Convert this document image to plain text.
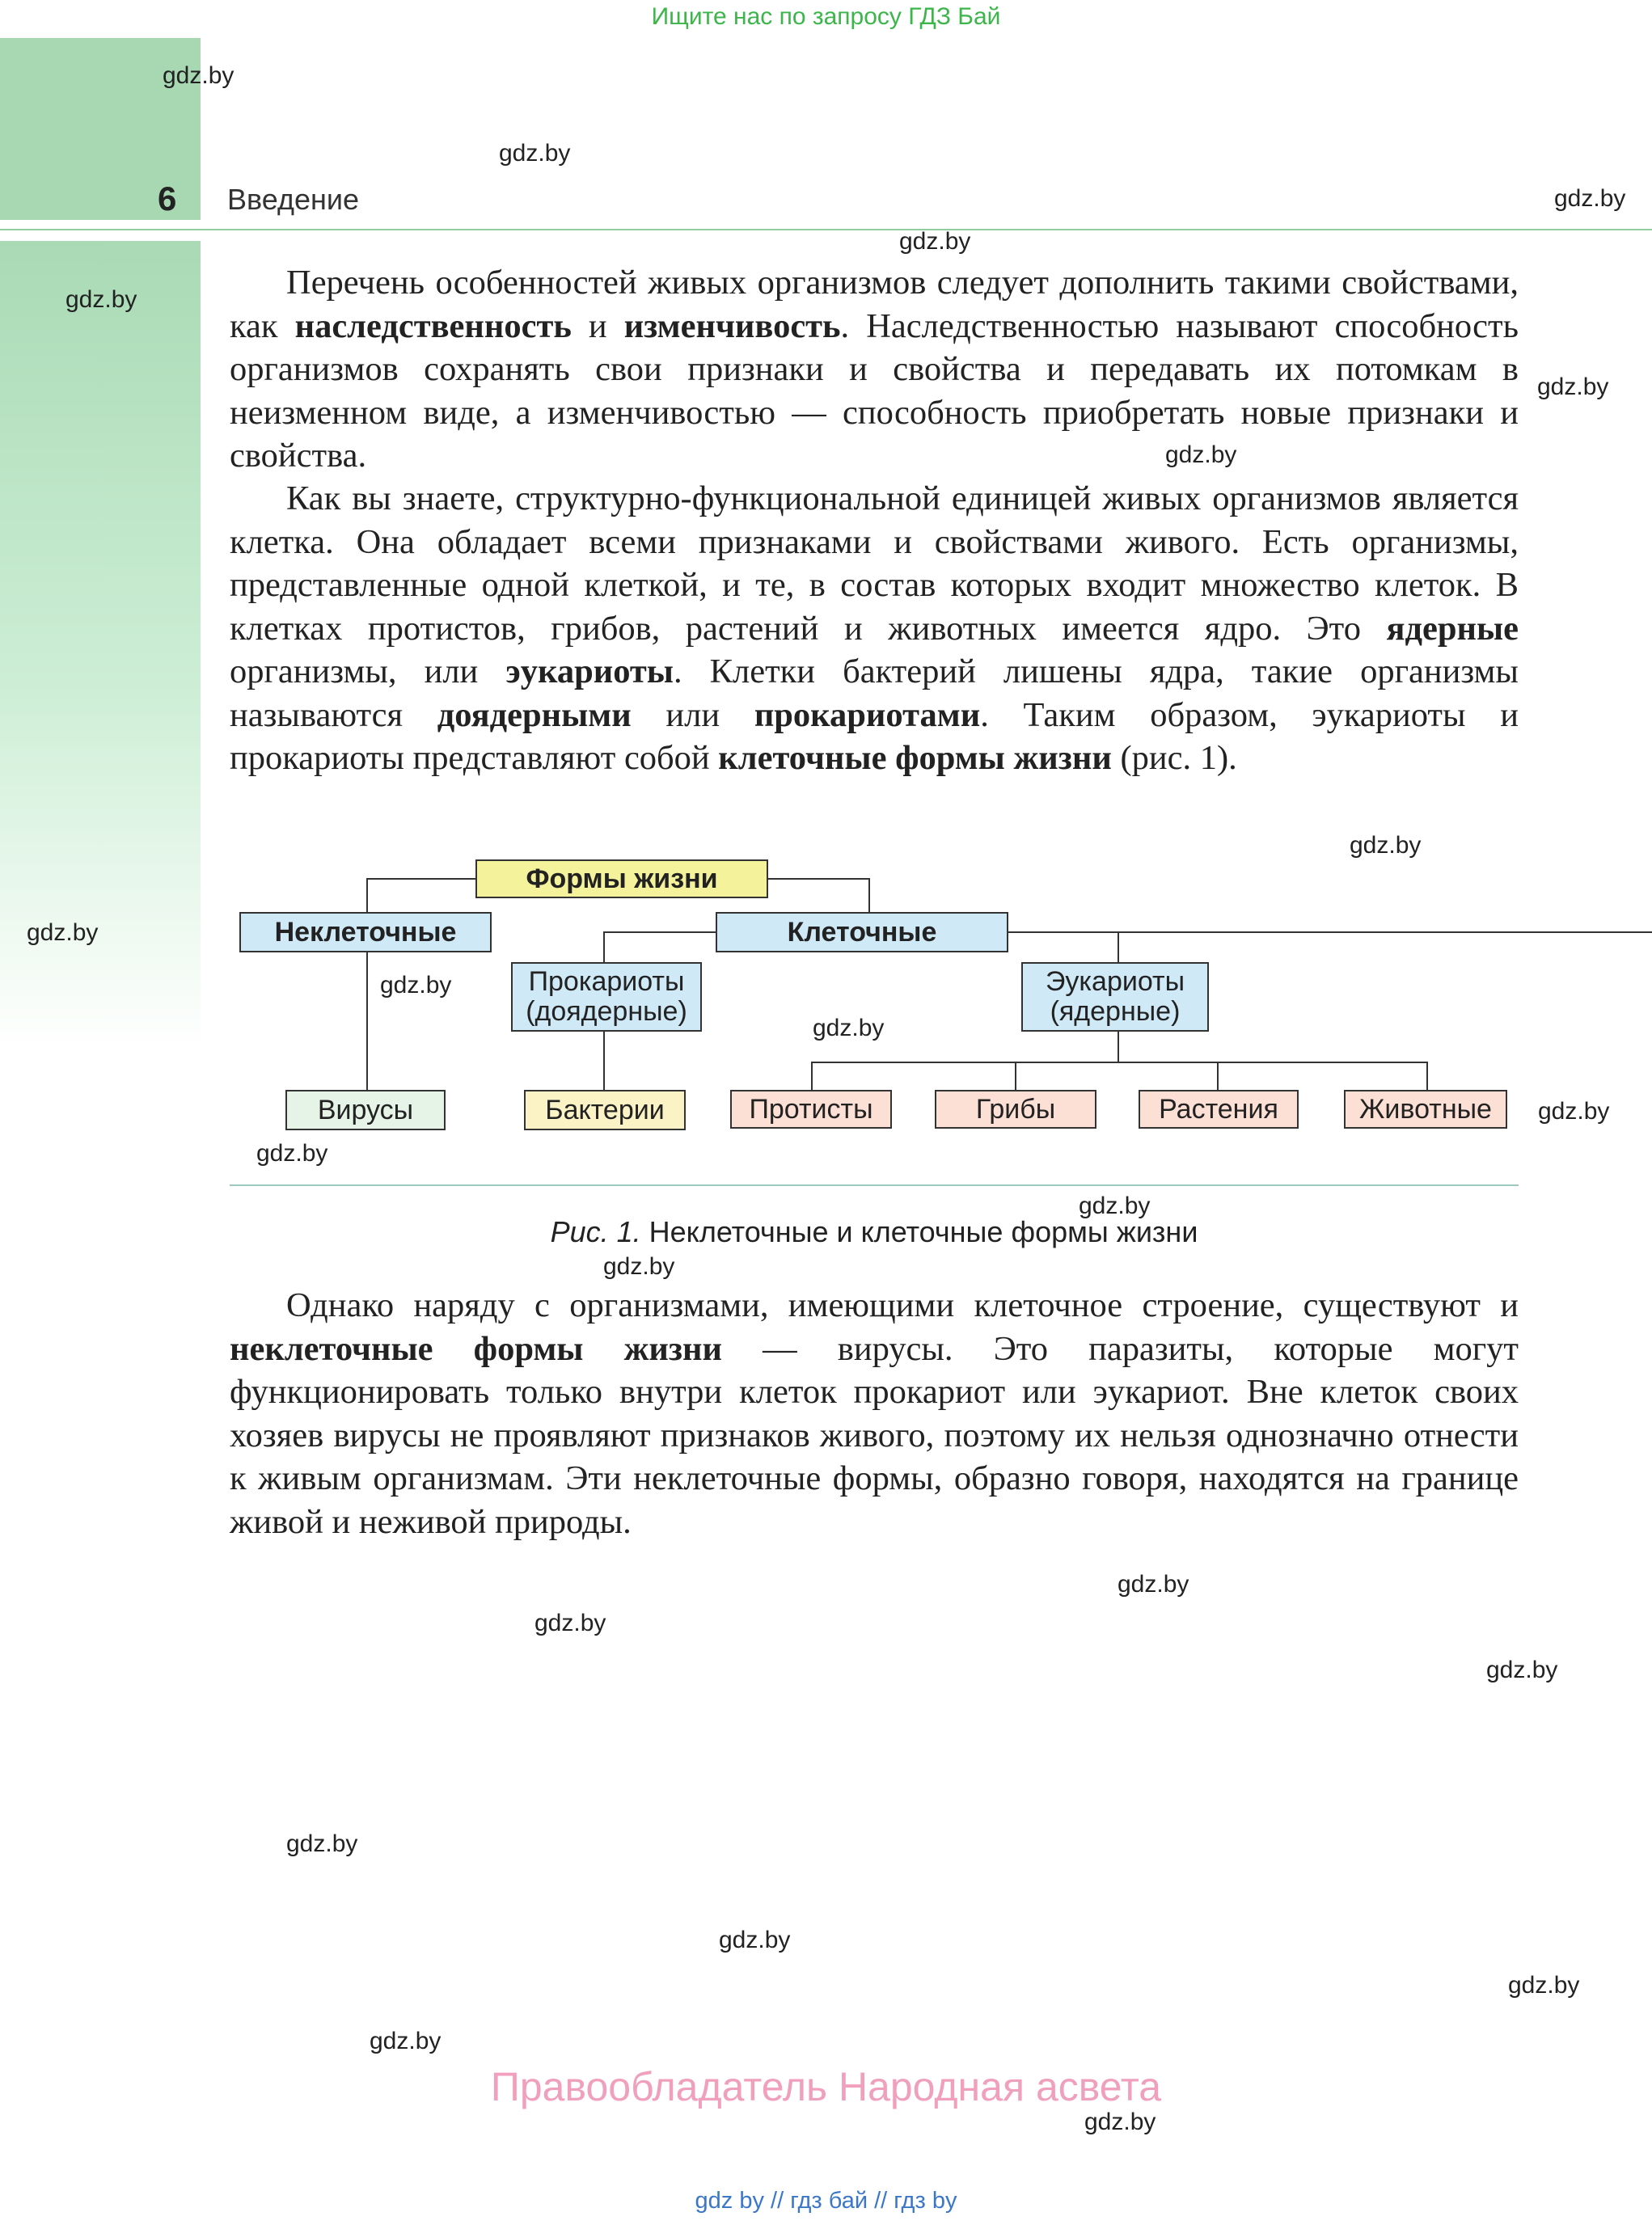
Ищите нас по запросу ГДЗ Бай
6 Введение

Перечень особенностей живых организмов следует дополнить такими свойствами, как наследственность и изменчивость. Наследственностью называют способность организмов сохранять свои признаки и свойства и передавать их потомкам в неизменном виде, а изменчивостью — способность приобретать новые признаки и свойства.

Как вы знаете, структурно-функциональной единицей живых организмов является клетка. Она обладает всеми признаками и свойствами живого. Есть организмы, представленные одной клеткой, и те, в состав которых входит множество клеток. В клетках протистов, грибов, растений и животных имеется ядро. Это ядерные организмы, или эукариоты. Клетки бактерий лишены ядра, такие организмы называются доядерными или прокариотами. Таким образом, эукариоты и прокариоты представляют собой клеточные формы жизни (рис. 1).

Формы жизни
Неклеточные	Клеточные
Прокариоты
(доядерные)
Эукариоты
(ядерные)
Вирусы	Бактерии	Протисты	Грибы	Растения	Животные
Рис. 1. Неклеточные и клеточные формы жизни

Однако наряду с организмами, имеющими клеточное строение, существуют и неклеточные формы жизни — вирусы. Это паразиты, которые могут функционировать только внутри клеток прокариот или эукариот. Вне клеток своих хозяев вирусы не проявляют признаков живого, поэтому их нельзя однозначно отнести к живым организмам. Эти неклеточные формы, образно говоря, находятся на границе живой и неживой природы.

gdz.by
gdz.by
gdz.by
gdz.by
gdz.by
gdz.by
gdz.by
gdz.by
gdz.by
gdz.by
gdz.by
gdz.by
gdz.by
gdz.by
gdz.by
gdz.by
gdz.by
gdz.by
gdz.by
gdz.by
gdz.by
gdz.by
gdz.by
Правообладатель Народная асвета
gdz by // гдз бай // гдз by
